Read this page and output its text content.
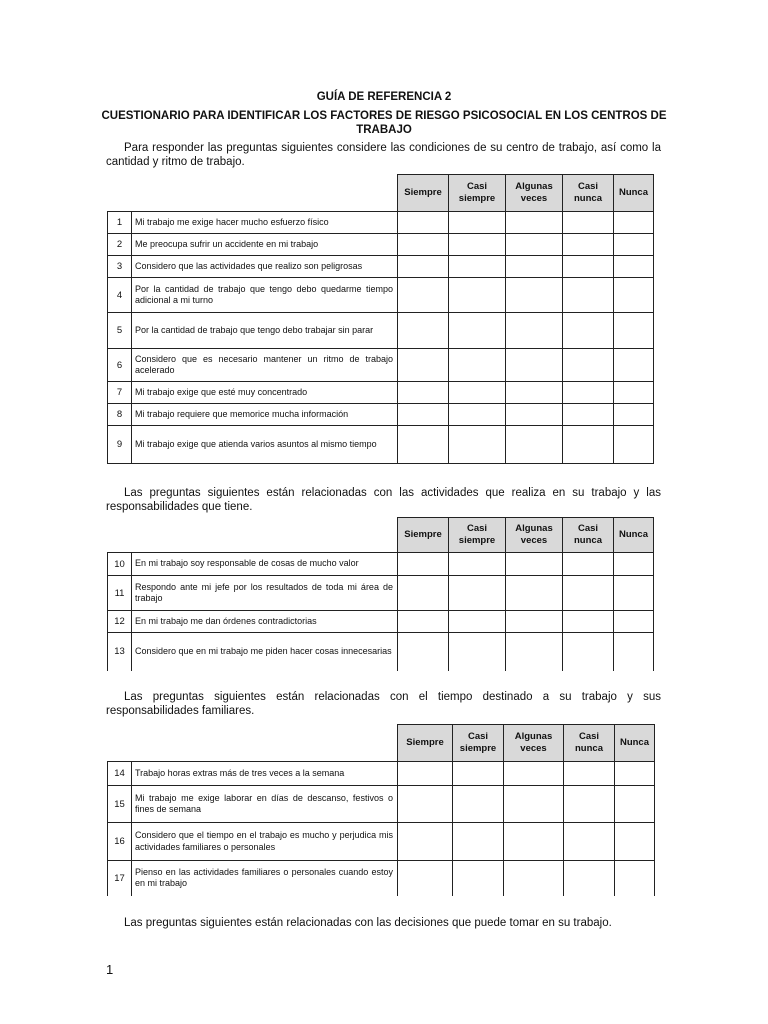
GUÍA DE REFERENCIA 2
CUESTIONARIO PARA IDENTIFICAR LOS FACTORES DE RIESGO PSICOSOCIAL EN LOS CENTROS DE TRABAJO
Para responder las preguntas siguientes considere las condiciones de su centro de trabajo, así como la cantidad y ritmo de trabajo.
		Siempre	Casi siempre	Algunas veces	Casi nunca	Nunca
1	Mi trabajo me exige hacer mucho esfuerzo físico					
2	Me preocupa sufrir un accidente en mi trabajo					
3	Considero que las actividades que realizo son peligrosas					
4	Por la cantidad de trabajo que tengo debo quedarme tiempo adicional a mi turno					
5	Por la cantidad de trabajo que tengo debo trabajar sin parar					
6	Considero que es necesario mantener un ritmo de trabajo acelerado					
7	Mi trabajo exige que esté muy concentrado					
8	Mi trabajo requiere que memorice mucha información					
9	Mi trabajo exige que atienda varios asuntos al mismo tiempo					
Las preguntas siguientes están relacionadas con las actividades que realiza en su trabajo y las responsabilidades que tiene.
		Siempre	Casi siempre	Algunas veces	Casi nunca	Nunca
10	En mi trabajo soy responsable de cosas de mucho valor					
11	Respondo ante mi jefe por los resultados de toda mi área de trabajo					
12	En mi trabajo me dan órdenes contradictorias					
13	Considero que en mi trabajo me piden hacer cosas innecesarias					
Las preguntas siguientes están relacionadas con el tiempo destinado a su trabajo y sus responsabilidades familiares.
		Siempre	Casi siempre	Algunas veces	Casi nunca	Nunca
14	Trabajo horas extras más de tres veces a la semana					
15	Mi trabajo me exige laborar en días de descanso, festivos o fines de semana					
16	Considero que el tiempo en el trabajo es mucho y perjudica mis actividades familiares o personales					
17	Pienso en las actividades familiares o personales cuando estoy en mi trabajo					
Las preguntas siguientes están relacionadas con las decisiones que puede tomar en su trabajo.
1
